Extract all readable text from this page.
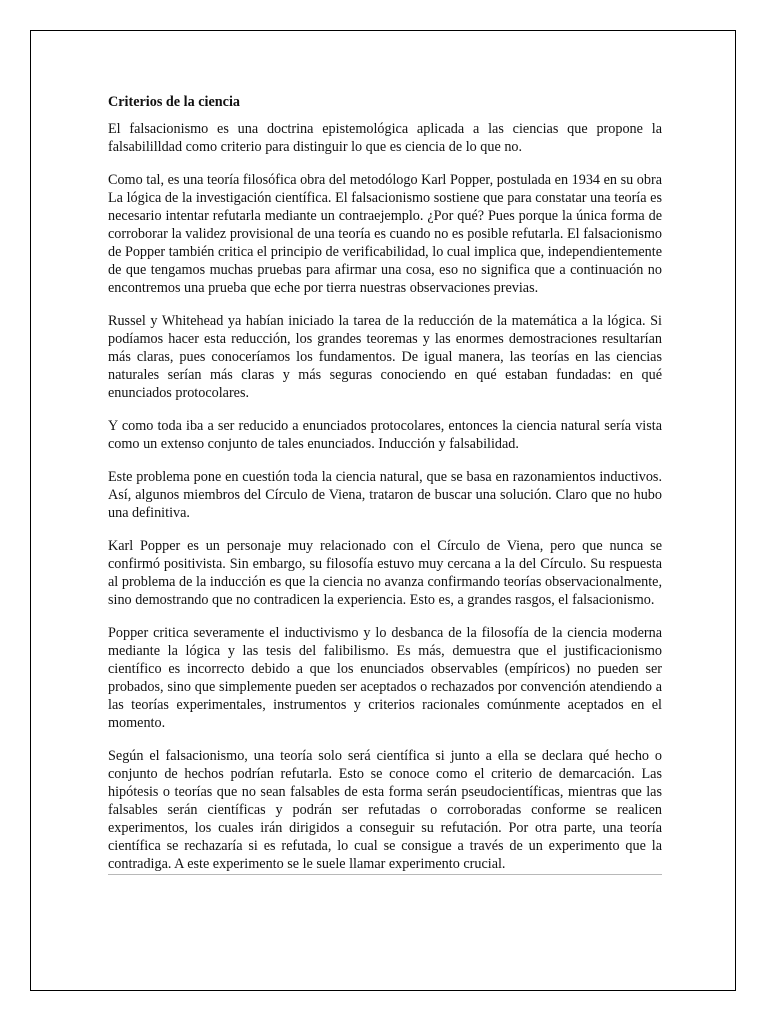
Criterios de la ciencia

El falsacionismo es una doctrina epistemológica aplicada a las ciencias que propone la falsabililldad como criterio para distinguir lo que es ciencia de lo que no.

Como tal, es una teoría filosófica obra del metodólogo Karl Popper, postulada en 1934 en su obra La lógica de la investigación científica. El falsacionismo sostiene que para constatar una teoría es necesario intentar refutarla mediante un contraejemplo. ¿Por qué? Pues porque la única forma de corroborar la validez provisional de una teoría es cuando no es posible refutarla. El falsacionismo de Popper también critica el principio de verificabilidad, lo cual implica que, independientemente de que tengamos muchas pruebas para afirmar una cosa, eso no significa que a continuación no encontremos una prueba que eche por tierra nuestras observaciones previas.

Russel y Whitehead ya habían iniciado la tarea de la reducción de la matemática a la lógica. Si podíamos hacer esta reducción, los grandes teoremas y las enormes demostraciones resultarían más claras, pues conoceríamos los fundamentos. De igual manera, las teorías en las ciencias naturales serían más claras y más seguras conociendo en qué estaban fundadas: en qué enunciados protocolares.

Y como toda iba a ser reducido a enunciados protocolares, entonces la ciencia natural sería vista como un extenso conjunto de tales enunciados. Inducción y falsabilidad.

Este problema pone en cuestión toda la ciencia natural, que se basa en razonamientos inductivos. Así, algunos miembros del Círculo de Viena, trataron de buscar una solución. Claro que no hubo una definitiva.

Karl Popper es un personaje muy relacionado con el Círculo de Viena, pero que nunca se confirmó positivista. Sin embargo, su filosofía estuvo muy cercana a la del Círculo. Su respuesta al problema de la inducción es que la ciencia no avanza confirmando teorías observacionalmente, sino demostrando que no contradicen la experiencia. Esto es, a grandes rasgos, el falsacionismo.

Popper critica severamente el inductivismo y lo desbanca de la filosofía de la ciencia moderna mediante la lógica y las tesis del falibilismo. Es más, demuestra que el justificacionismo científico es incorrecto debido a que los enunciados observables (empíricos) no pueden ser probados, sino que simplemente pueden ser aceptados o rechazados por convención atendiendo a las teorías experimentales, instrumentos y criterios racionales comúnmente aceptados en el momento.

Según el falsacionismo, una teoría solo será científica si junto a ella se declara qué hecho o conjunto de hechos podrían refutarla. Esto se conoce como el criterio de demarcación. Las hipótesis o teorías que no sean falsables de esta forma serán pseudocientíficas, mientras que las falsables serán científicas y podrán ser refutadas o corroboradas conforme se realicen experimentos, los cuales irán dirigidos a conseguir su refutación. Por otra parte, una teoría científica se rechazaría si es refutada, lo cual se consigue a través de un experimento que la contradiga. A este experimento se le suele llamar experimento crucial.
